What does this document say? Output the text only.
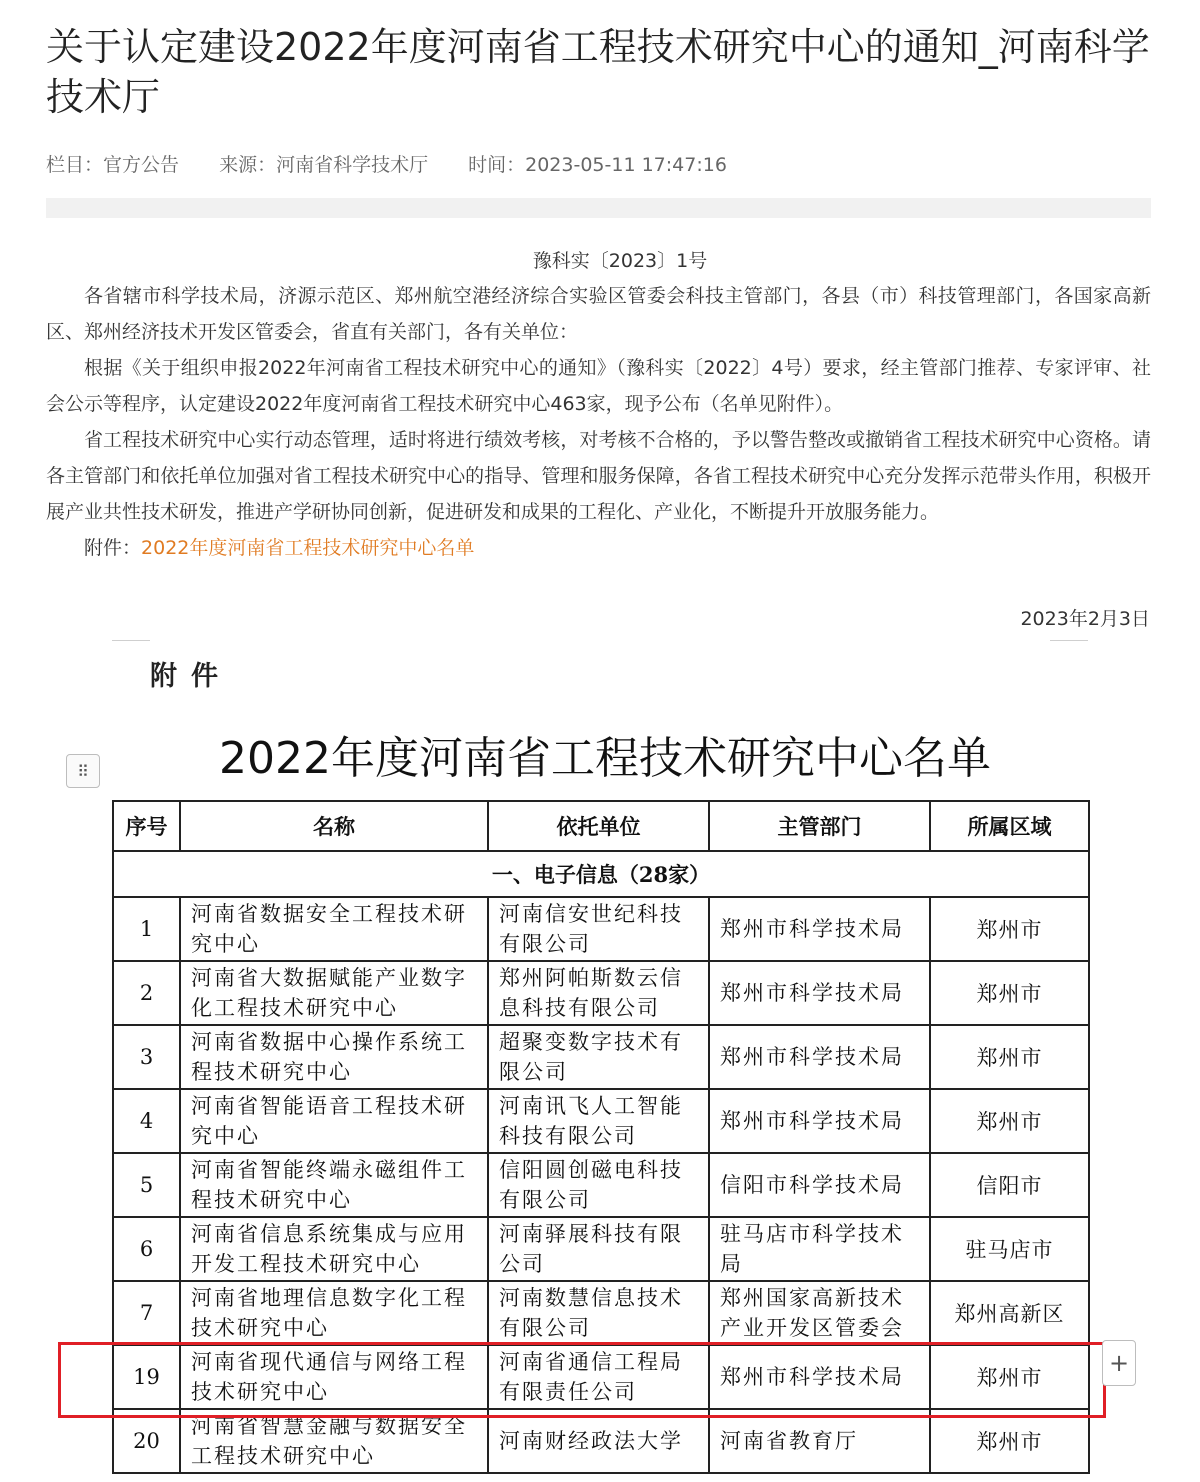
关于认定建设2022年度河南省工程技术研究中心的通知_河南科学技术厅
栏目：官方公告 来源：河南省科学技术厅 时间：2023-05-11 17:47:16
豫科实〔2023〕1号

各省辖市科学技术局，济源示范区、郑州航空港经济综合实验区管委会科技主管部门，各县（市）科技管理部门，各国家高新区、郑州经济技术开发区管委会，省直有关部门，各有关单位：

根据《关于组织申报2022年河南省工程技术研究中心的通知》（豫科实〔2022〕4号）要求，经主管部门推荐、专家评审、社会公示等程序，认定建设2022年度河南省工程技术研究中心463家，现予公布（名单见附件）。

省工程技术研究中心实行动态管理，适时将进行绩效考核，对考核不合格的，予以警告整改或撤销省工程技术研究中心资格。请各主管部门和依托单位加强对省工程技术研究中心的指导、管理和服务保障，各省工程技术研究中心充分发挥示范带头作用，积极开展产业共性技术研发，推进产学研协同创新，促进研发和成果的工程化、产业化，不断提升开放服务能力。

附件：2022年度河南省工程技术研究中心名单

2023年2月3日
附件
2022年度河南省工程技术研究中心名单
⠿
序号	名称	依托单位	主管部门	所属区域
一、电子信息（28家）				
1	河南省数据安全工程技术研究中心	河南信安世纪科技有限公司	郑州市科学技术局	郑州市
2	河南省大数据赋能产业数字化工程技术研究中心	郑州阿帕斯数云信息科技有限公司	郑州市科学技术局	郑州市
3	河南省数据中心操作系统工程技术研究中心	超聚变数字技术有限公司	郑州市科学技术局	郑州市
4	河南省智能语音工程技术研究中心	河南讯飞人工智能科技有限公司	郑州市科学技术局	郑州市
5	河南省智能终端永磁组件工程技术研究中心	信阳圆创磁电科技有限公司	信阳市科学技术局	信阳市
6	河南省信息系统集成与应用开发工程技术研究中心	河南驿展科技有限公司	驻马店市科学技术局	驻马店市
7	河南省地理信息数字化工程技术研究中心	河南数慧信息技术有限公司	郑州国家高新技术产业开发区管委会	郑州高新区
19	河南省现代通信与网络工程技术研究中心	河南省通信工程局有限责任公司	郑州市科学技术局	郑州市
20	河南省智慧金融与数据安全工程技术研究中心	河南财经政法大学	河南省教育厅	郑州市
+
